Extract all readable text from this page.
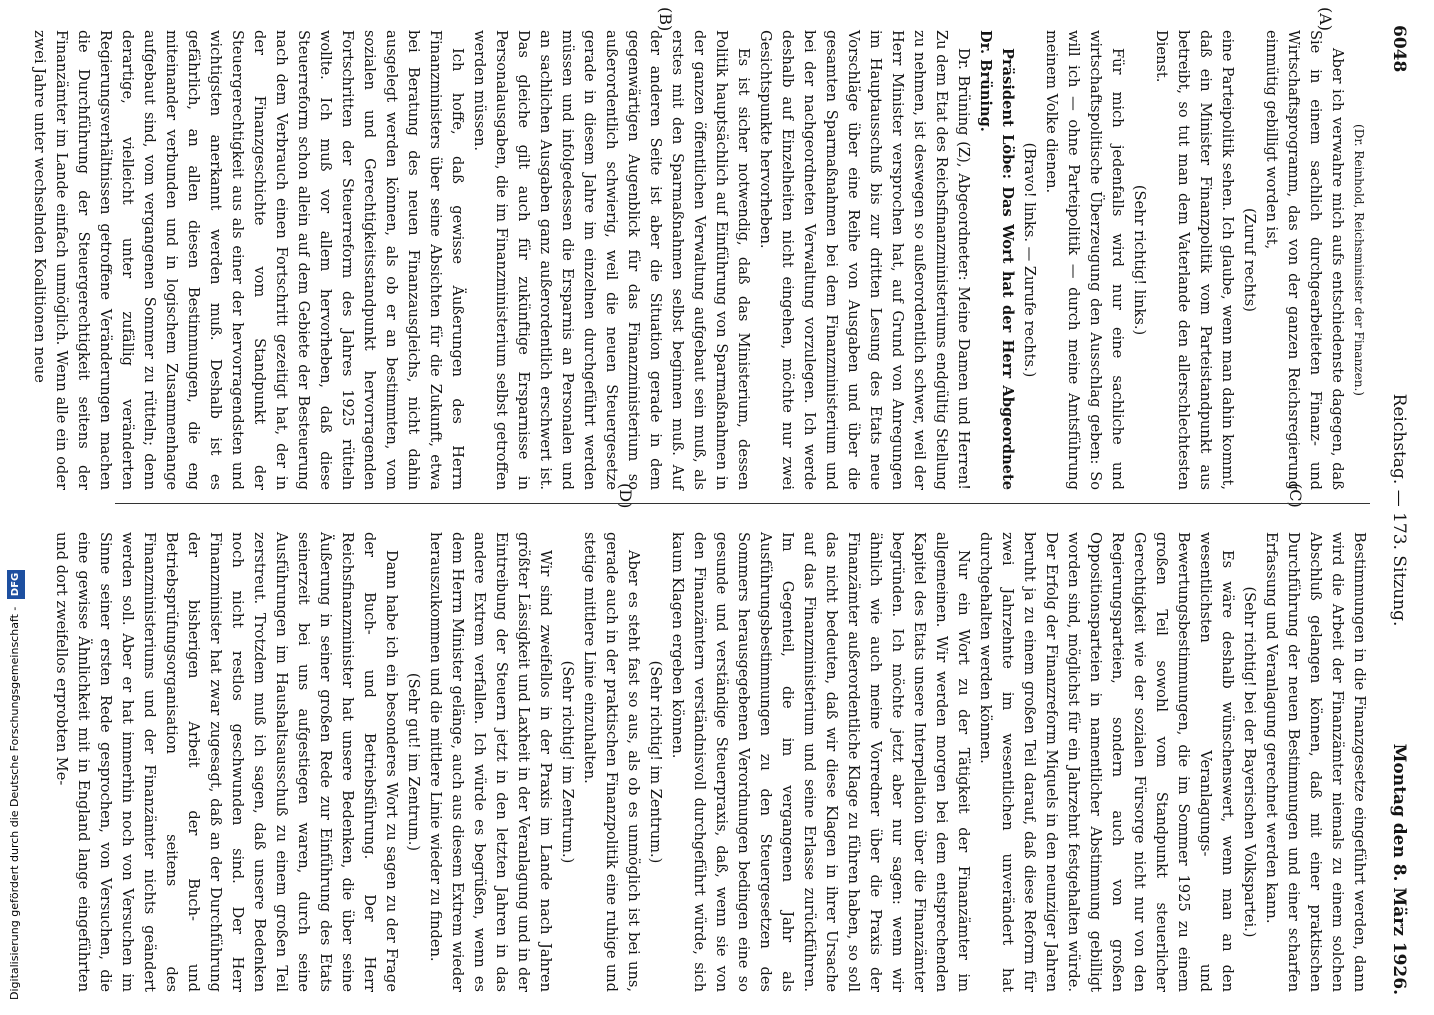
6048
Reichstag. — 173. Sitzung.
Montag den 8. März 1926.
(A)
(B)
(C)
(D)

(Dr. Reinhold, Reichsminister der Finanzen.)

Aber ich verwahre mich aufs entschiedenste dagegen, daß Sie in einem sachlich durchgearbeiteten Finanz- und Wirtschaftsprogramm, das von der ganzen Reichsregierung einmütig gebilligt worden ist,

(Zuruf rechts)

eine Parteipolitik sehen. Ich glaube, wenn man dahin kommt, daß ein Minister Finanzpolitik vom Parteistandpunkt aus betreibt, so tut man dem Vaterlande den allerschlechtesten Dienst.

(Sehr richtig! links.)

Für mich jedenfalls wird nur eine sachliche und wirtschaftspolitische Überzeugung den Ausschlag geben: So will ich — ohne Parteipolitik — durch meine Amtsführung meinem Volke dienen.

(Bravo! links. — Zurufe rechts.)

Präsident Löbe: Das Wort hat der Herr Abgeordnete Dr. Brüning.

Dr. Brüning (Z), Abgeordneter: Meine Damen und Herren! Zu dem Etat des Reichsfinanzministeriums endgültig Stellung zu nehmen, ist deswegen so außerordentlich schwer, weil der Herr Minister versprochen hat, auf Grund von Anregungen im Hauptausschuß bis zur dritten Lesung des Etats neue Vorschläge über eine Reihe von Ausgaben und über die gesamten Sparmaßnahmen bei dem Finanzministerium und bei der nachgeordneten Verwaltung vorzulegen. Ich werde deshalb auf Einzelheiten nicht eingehen, möchte nur zwei Gesichtspunkte hervorheben.

Es ist sicher notwendig, daß das Ministerium, dessen Politik hauptsächlich auf Einführung von Sparmaßnahmen in der ganzen öffentlichen Verwaltung aufgebaut sein muß, als erstes mit den Sparmaßnahmen selbst beginnen muß. Auf der anderen Seite ist aber die Situation gerade in dem gegenwärtigen Augenblick für das Finanzministerium so außerordentlich schwierig, weil die neuen Steuergesetze gerade in diesem Jahre im einzelnen durchgeführt werden müssen und infolgedessen die Ersparnis an Personalen und an sachlichen Ausgaben ganz außerordentlich erschwert ist. Das gleiche gilt auch für zukünftige Ersparnisse in Personalausgaben, die im Finanzministerium selbst getroffen werden müssen.

Ich hoffe, daß gewisse Äußerungen des Herrn Finanzministers über seine Absichten für die Zukunft, etwa bei Beratung des neuen Finanzausgleichs, nicht dahin ausgelegt werden können, als ob er an bestimmten, vom sozialen und Gerechtigkeitsstandpunkt hervorragenden Fortschritten der Steuerreform des Jahres 1925 rütteln wollte. Ich muß vor allem hervorheben, daß diese Steuerreform schon allein auf dem Gebiete der Besteuerung nach dem Verbrauch einen Fortschritt gezeitigt hat, der in der Finanzgeschichte vom Standpunkt der Steuergerechtigkeit aus als einer der hervorragendsten und wichtigsten anerkannt werden muß. Deshalb ist es gefährlich, an allen diesen Bestimmungen, die eng miteinander verbunden und in logischem Zusammenhange aufgebaut sind, vom vergangenen Sommer zu rütteln; denn derartige, vielleicht unter zufällig veränderten Regierungsverhältnissen getroffene Veränderungen machen die Durchführung der Steuergerechtigkeit seitens der Finanzämter im Lande einfach unmöglich. Wenn alle ein oder zwei Jahre unter wechselnden Koalitionen neue

Bestimmungen in die Finanzgesetze eingeführt werden, dann wird die Arbeit der Finanzämter niemals zu einem solchen Abschluß gelangen können, daß mit einer praktischen Durchführung der neuen Bestimmungen und einer scharfen Erfassung und Veranlagung gerechnet werden kann.

(Sehr richtig! bei der Bayerischen Volkspartei.)

Es wäre deshalb wünschenswert, wenn man an den wesentlichsten Veranlagungs- und Bewertungsbestimmungen, die im Sommer 1925 zu einem großen Teil sowohl vom Standpunkt steuerlicher Gerechtigkeit wie der sozialen Fürsorge nicht nur von den Regierungsparteien, sondern auch von großen Oppositionsparteien in namentlicher Abstimmung gebilligt worden sind, möglichst für ein Jahrzehnt festgehalten würde. Der Erfolg der Finanzreform Miquels in den neunziger Jahren beruht ja zu einem großen Teil darauf, daß diese Reform für zwei Jahrzehnte im wesentlichen unverändert hat durchgehalten werden können.

Nur ein Wort zu der Tätigkeit der Finanzämter im allgemeinen. Wir werden morgen bei dem entsprechenden Kapitel des Etats unsere Interpellation über die Finanzämter begründen. Ich möchte jetzt aber nur sagen: wenn wir ähnlich wie auch meine Vorredner über die Praxis der Finanzämter außerordentliche Klage zu führen haben, so soll das nicht bedeuten, daß wir diese Klagen in ihrer Ursache auf das Finanzministerium und seine Erlasse zurückführen. Im Gegenteil, die im vergangenen Jahr als Ausführungsbestimmungen zu den Steuergesetzen des Sommers herausgegebenen Verordnungen bedingen eine so gesunde und verständige Steuerpraxis, daß, wenn sie von den Finanzämtern verständnisvoll durchgeführt würde, sich kaum Klagen ergeben können.

(Sehr richtig! im Zentrum.)

Aber es steht fast so aus, als ob es unmöglich ist bei uns, gerade auch in der praktischen Finanzpolitik eine ruhige und stetige mittlere Linie einzuhalten.

(Sehr richtig! im Zentrum.)

Wir sind zweifellos in der Praxis im Lande nach Jahren größter Lässigkeit und Laxheit in der Veranlagung und in der Eintreibung der Steuern jetzt in den letzten Jahren in das andere Extrem verfallen. Ich würde es begrüßen, wenn es dem Herrn Minister gelänge, auch aus diesem Extrem wieder herauszukommen und die mittlere Linie wieder zu finden.

(Sehr gut! im Zentrum.)

Dann habe ich ein besonderes Wort zu sagen zu der Frage der Buch- und Betriebsführung. Der Herr Reichsfinanzminister hat unsere Bedenken, die über seine Äußerung in seiner großen Rede zur Einführung des Etats seinerzeit bei uns aufgestiegen waren, durch seine Ausführungen im Haushaltsausschuß zu einem großen Teil zerstreut. Trotzdem muß ich sagen, daß unsere Bedenken noch nicht restlos geschwunden sind. Der Herr Finanzminister hat zwar zugesagt, daß an der Durchführung der bisherigen Arbeit der Buch- und Betriebsprüfungsorganisation seitens des Finanzministeriums und der Finanzämter nichts geändert werden soll. Aber er hat immerhin noch von Versuchen im Sinne seiner ersten Rede gesprochen, von Versuchen, die eine gewisse Ähnlichkeit mit in England lange eingeführten und dort zweifellos erprobten Me-

Digitalisierung gefördert durch die Deutsche Forschungsgemeinschaft - DFG
